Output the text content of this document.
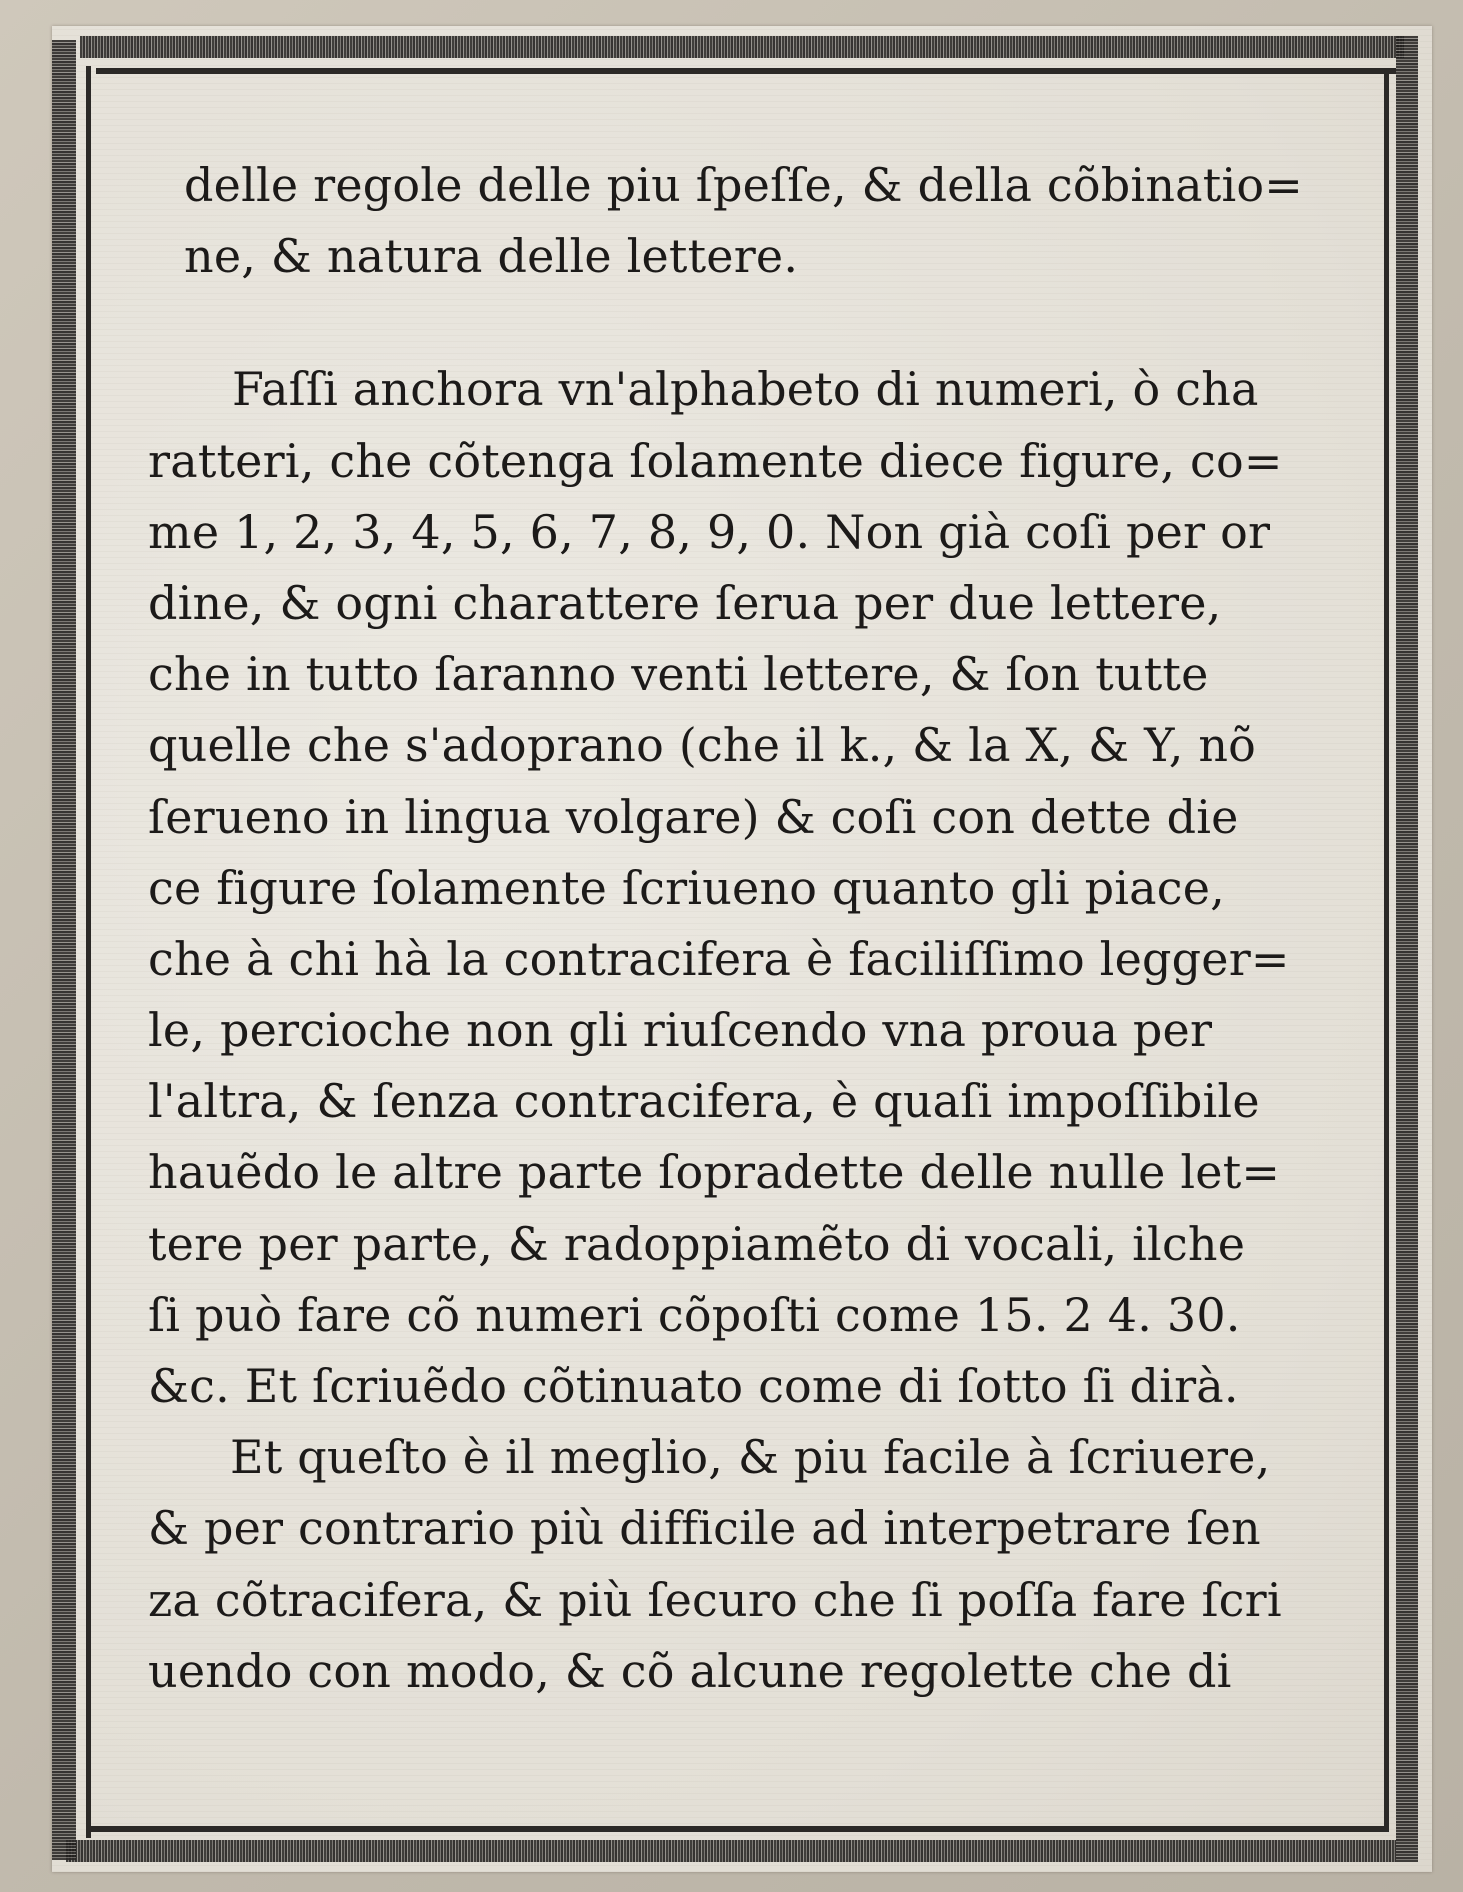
delle regole delle piu ſpeſſe, & della cõbinatio=
ne, & natura delle lettere.
Faſſi anchora vn'alphabeto di numeri, ò cha
ratteri, che cõtenga ſolamente diece figure, co=
me 1, 2, 3, 4, 5, 6, 7, 8, 9, 0. Non già coſi per or
dine, & ogni charattere ſerua per due lettere,
che in tutto ſaranno venti lettere, & ſon tutte
quelle che s'adoprano (che il k., & la X, & Y, nõ
ſerueno in lingua volgare) & coſi con dette die
ce figure ſolamente ſcriueno quanto gli piace,
che à chi hà la contracifera è faciliſſimo legger=
le, percioche non gli riuſcendo vna proua per
l'altra, & ſenza contracifera, è quaſi impoſſibile
hauẽdo le altre parte ſopradette delle nulle let=
tere per parte, & radoppiamẽto di vocali, ilche
ſi può fare cõ numeri cõpoſti come 15. 2 4. 30.
&c. Et ſcriuẽdo cõtinuato come di ſotto ſi dirà.
Et queſto è il meglio, & piu facile à ſcriuere,
& per contrario più difficile ad interpetrare ſen
za cõtracifera, & più ſecuro che ſi poſſa fare ſcri
uendo con modo, & cõ alcune regolette che di
